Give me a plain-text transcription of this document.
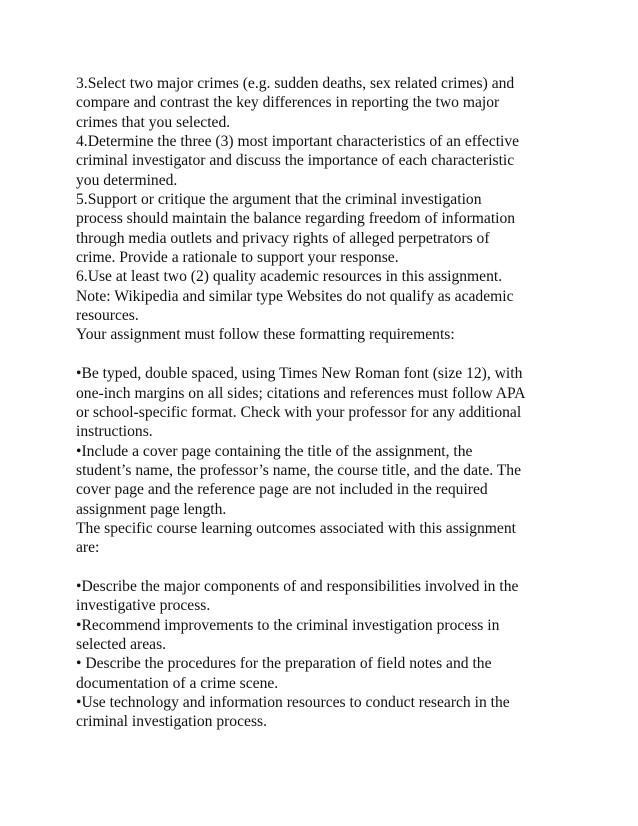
3.Select two major crimes (e.g. sudden deaths, sex related crimes) and
compare and contrast the key differences in reporting the two major
crimes that you selected.
4.Determine the three (3) most important characteristics of an effective
criminal investigator and discuss the importance of each characteristic
you determined.
5.Support or critique the argument that the criminal investigation
process should maintain the balance regarding freedom of information
through media outlets and privacy rights of alleged perpetrators of
crime. Provide a rationale to support your response.
6.Use at least two (2) quality academic resources in this assignment.
Note: Wikipedia and similar type Websites do not qualify as academic
resources.
Your assignment must follow these formatting requirements:
•Be typed, double spaced, using Times New Roman font (size 12), with
one-inch margins on all sides; citations and references must follow APA
or school-specific format. Check with your professor for any additional
instructions.
•Include a cover page containing the title of the assignment, the
student’s name, the professor’s name, the course title, and the date. The
cover page and the reference page are not included in the required
assignment page length.
The specific course learning outcomes associated with this assignment
are:
•Describe the major components of and responsibilities involved in the
investigative process.
•Recommend improvements to the criminal investigation process in
selected areas.
• Describe the procedures for the preparation of field notes and the
documentation of a crime scene.
•Use technology and information resources to conduct research in the
criminal investigation process.
